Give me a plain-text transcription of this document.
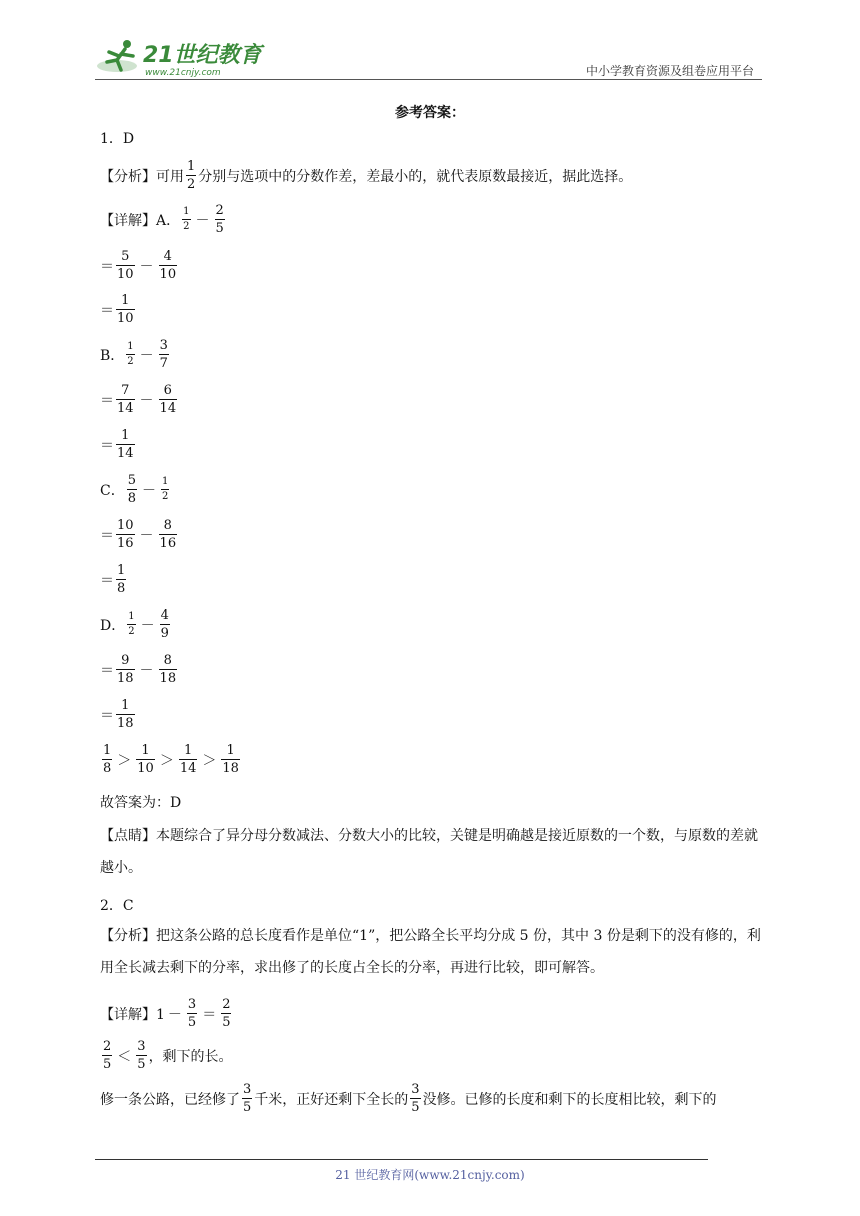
21世纪教育
www.21cnjy.com	中小学教育资源及组卷应用平台
参考答案：
1．D
【分析】可用 $\frac{1}{2}$ 分别与选项中的分数作差，差最小的，就代表原数最接近，据此选择。
【详解】A． $\frac{1}{2} - \frac{2}{5}$
＝ $\frac{5}{10} - \frac{4}{10}$
＝ $\frac{1}{10}$
B． $\frac{1}{2} - \frac{3}{7}$
＝ $\frac{7}{14} - \frac{6}{14}$
＝ $\frac{1}{14}$
C． $\frac{5}{8} - \frac{1}{2}$
＝ $\frac{10}{16} - \frac{8}{16}$
＝ $\frac{1}{8}$
D． $\frac{1}{2} - \frac{4}{9}$
＝ $\frac{9}{18} - \frac{8}{18}$
＝ $\frac{1}{18}$
$\frac{1}{8} > \frac{1}{10} > \frac{1}{14} > \frac{1}{18}$
故答案为：D
【点睛】本题综合了异分母分数减法、分数大小的比较，关键是明确越是接近原数的一个数，与原数的差就越小。
2．C
【分析】把这条公路的总长度看作是单位“1”，把公路全长平均分成 5 份，其中 3 份是剩下的没有修的，利用全长减去剩下的分率，求出修了的长度占全长的分率，再进行比较，即可解答。
【详解】$1 - \frac{3}{5} = \frac{2}{5}$
$\frac{2}{5} < \frac{3}{5}$ ，剩下的长。
修一条公路，已经修了 $\frac{3}{5}$ 千米，正好还剩下全长的 $\frac{3}{5}$ 没修。已修的长度和剩下的长度相比较，剩下的
21 世纪教育网(www.21cnjy.com)
